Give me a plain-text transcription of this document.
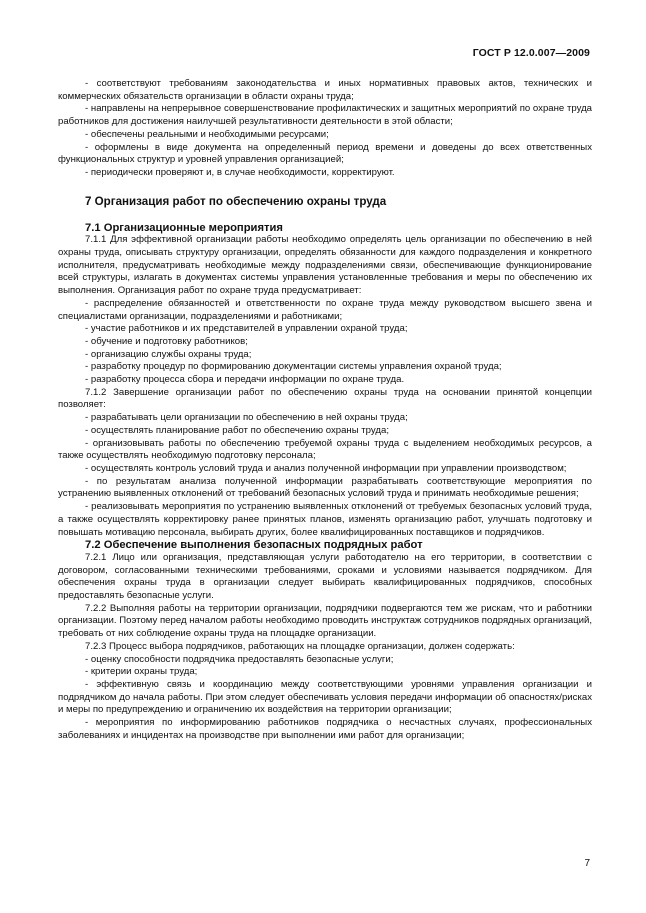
ГОСТ Р 12.0.007—2009

- соответствуют требованиям законодательства и иных нормативных правовых актов, технических и коммерческих обязательств организации в области охраны труда;

- направлены на непрерывное совершенствование профилактических и защитных мероприятий по охране труда работников для достижения наилучшей результативности деятельности в этой области;

- обеспечены реальными и необходимыми ресурсами;

- оформлены в виде документа на определенный период времени и доведены до всех ответственных функциональных структур и уровней управления организацией;

- периодически проверяют и, в случае необходимости, корректируют.

7 Организация работ по обеспечению охраны труда
7.1 Организационные мероприятия

7.1.1 Для эффективной организации работы необходимо определять цель организации по обеспечению в ней охраны труда, описывать структуру организации, определять обязанности для каждого подразделения и конкретного исполнителя, предусматривать необходимые между подразделениями связи, обеспечивающие функционирование всей структуры, излагать в документах системы управления установленные требования и меры по обеспечению их выполнения. Организация работ по охране труда предусматривает:

- распределение обязанностей и ответственности по охране труда между руководством высшего звена и специалистами организации, подразделениями и работниками;

- участие работников и их представителей в управлении охраной труда;

- обучение и подготовку работников;

- организацию службы охраны труда;

- разработку процедур по формированию документации системы управления охраной труда;

- разработку процесса сбора и передачи информации по охране труда.

7.1.2 Завершение организации работ по обеспечению охраны труда на основании принятой концепции позволяет:

- разрабатывать цели организации по обеспечению в ней охраны труда;

- осуществлять планирование работ по обеспечению охраны труда;

- организовывать работы по обеспечению требуемой охраны труда с выделением необходимых ресурсов, а также осуществлять необходимую подготовку персонала;

- осуществлять контроль условий труда и анализ полученной информации при управлении производством;

- по результатам анализа полученной информации разрабатывать соответствующие мероприятия по устранению выявленных отклонений от требований безопасных условий труда и принимать необходимые решения;

- реализовывать мероприятия по устранению выявленных отклонений от требуемых безопасных условий труда, а также осуществлять корректировку ранее принятых планов, изменять организацию работ, улучшать подготовку и повышать мотивацию персонала, выбирать других, более квалифицированных поставщиков и подрядчиков.

7.2 Обеспечение выполнения безопасных подрядных работ

7.2.1 Лицо или организация, представляющая услуги работодателю на его территории, в соответствии с договором, согласованными техническими требованиями, сроками и условиями называется подрядчиком. Для обеспечения охраны труда в организации следует выбирать квалифицированных подрядчиков, способных предоставлять безопасные услуги.

7.2.2 Выполняя работы на территории организации, подрядчики подвергаются тем же рискам, что и работники организации. Поэтому перед началом работы необходимо проводить инструктаж сотрудников подрядных организаций, требовать от них соблюдение охраны труда на площадке организации.

7.2.3 Процесс выбора подрядчиков, работающих на площадке организации, должен содержать:

- оценку способности подрядчика предоставлять безопасные услуги;

- критерии охраны труда;

- эффективную связь и координацию между соответствующими уровнями управления организации и подрядчиком до начала работы. При этом следует обеспечивать условия передачи информации об опасностях/рисках и меры по предупреждению и ограничению их воздействия на территории организации;

- мероприятия по информированию работников подрядчика о несчастных случаях, профессиональных заболеваниях и инцидентах на производстве при выполнении ими работ для организации;

7
